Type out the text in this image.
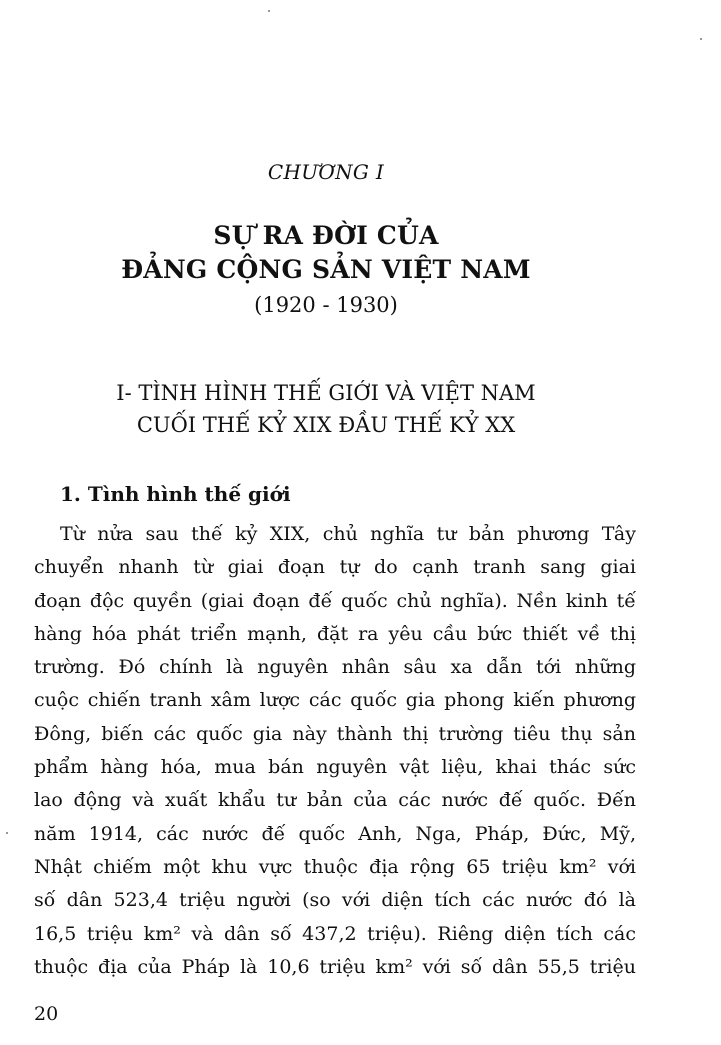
CHƯƠNG I
SỰ RA ĐỜI CỦA
ĐẢNG CỘNG SẢN VIỆT NAM
(1920 - 1930)
I- TÌNH HÌNH THẾ GIỚI VÀ VIỆT NAM
CUỐI THẾ KỶ XIX ĐẦU THẾ KỶ XX
1. Tình hình thế giới
Từ nửa sau thế kỷ XIX, chủ nghĩa tư bản phương Tây
chuyển nhanh từ giai đoạn tự do cạnh tranh sang giai
đoạn độc quyền (giai đoạn đế quốc chủ nghĩa). Nền kinh tế
hàng hóa phát triển mạnh, đặt ra yêu cầu bức thiết về thị
trường. Đó chính là nguyên nhân sâu xa dẫn tới những
cuộc chiến tranh xâm lược các quốc gia phong kiến phương
Đông, biến các quốc gia này thành thị trường tiêu thụ sản
phẩm hàng hóa, mua bán nguyên vật liệu, khai thác sức
lao động và xuất khẩu tư bản của các nước đế quốc. Đến
năm 1914, các nước đế quốc Anh, Nga, Pháp, Đức, Mỹ,
Nhật chiếm một khu vực thuộc địa rộng 65 triệu km² với
số dân 523,4 triệu người (so với diện tích các nước đó là
16,5 triệu km² và dân số 437,2 triệu). Riêng diện tích các
thuộc địa của Pháp là 10,6 triệu km² với số dân 55,5 triệu
20
